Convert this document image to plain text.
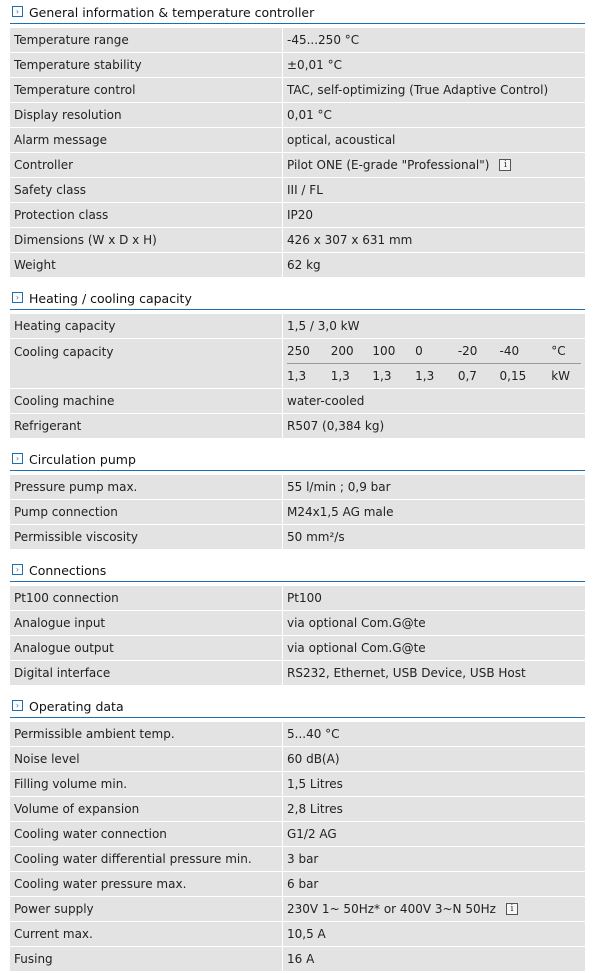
› General information & temperature controller
Temperature range	-45...250 °C
Temperature stability	±0,01 °C
Temperature control	TAC, self-optimizing (True Adaptive Control)
Display resolution	0,01 °C
Alarm message	optical, acoustical
Controller	Pilot ONE (E-grade "Professional")	i
Safety class	III / FL
Protection class	IP20
Dimensions (W x D x H)	426 x 307 x 631 mm
Weight	62 kg
› Heating / cooling capacity
Heating capacity	1,5 / 3,0 kW
Cooling capacity	250	200	100	0	-20	-40	°C
1,3	1,3	1,3	1,3	0,7	0,15	kW
Cooling machine	water-cooled
Refrigerant	R507 (0,384 kg)
› Circulation pump
Pressure pump max.	55 l/min ; 0,9 bar
Pump connection	M24x1,5 AG male
Permissible viscosity	50 mm²/s
› Connections
Pt100 connection	Pt100
Analogue input	via optional Com.G@te
Analogue output	via optional Com.G@te
Digital interface	RS232, Ethernet, USB Device, USB Host
› Operating data
Permissible ambient temp.	5...40 °C
Noise level	60 dB(A)
Filling volume min.	1,5 Litres
Volume of expansion	2,8 Litres
Cooling water connection	G1/2 AG
Cooling water differential pressure min.	3 bar
Cooling water pressure max.	6 bar
Power supply	230V 1~ 50Hz* or 400V 3~N 50Hz	i
Current max.	10,5 A
Fusing	16 A
